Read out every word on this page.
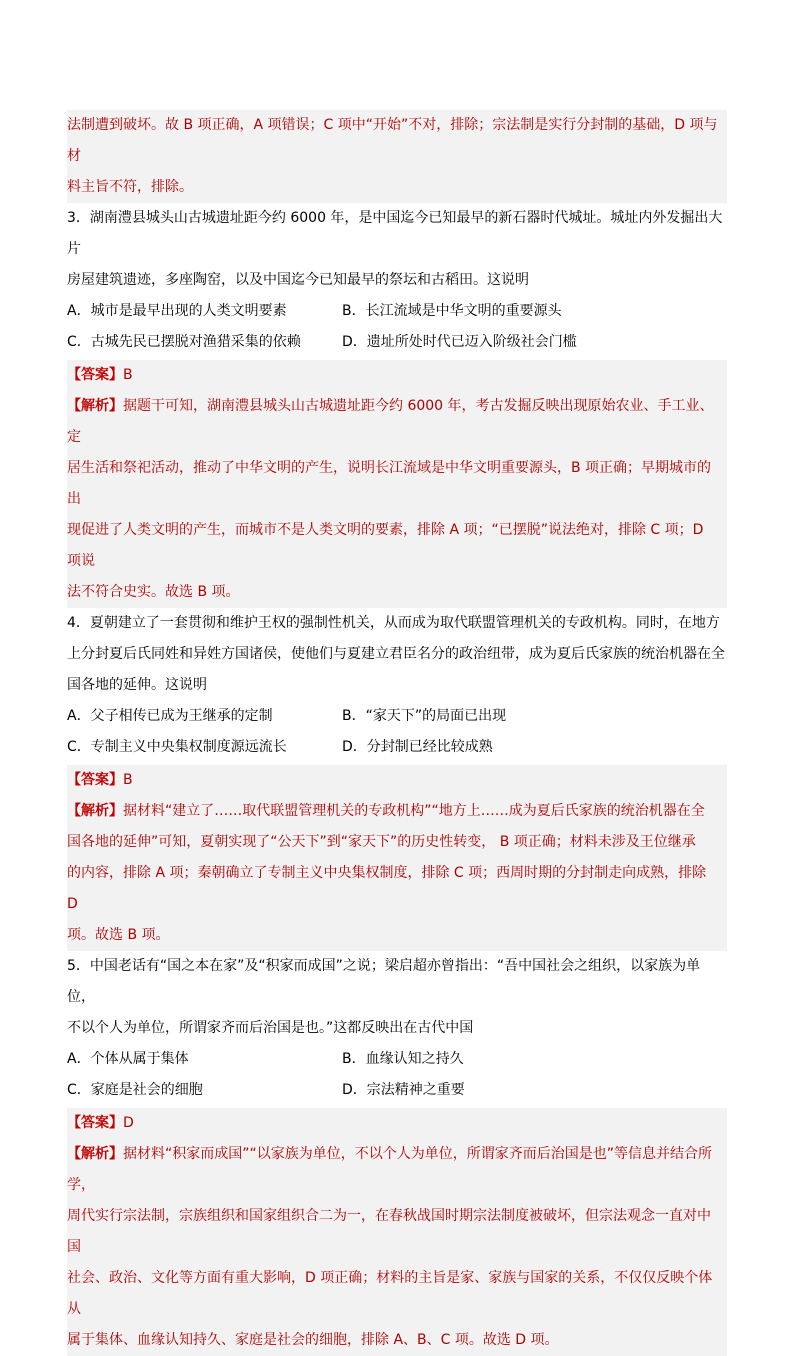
法制遭到破坏。故 B 项正确，A 项错误；C 项中“开始”不对，排除；宗法制是实行分封制的基础，D 项与材

料主旨不符，排除。

3．湖南澧县城头山古城遗址距今约 6000 年，是中国迄今已知最早的新石器时代城址。城址内外发掘出大片

房屋建筑遗迹，多座陶窑，以及中国迄今已知最早的祭坛和古稻田。这说明

A．城市是最早出现的人类文明要素	B．长江流域是中华文明的重要源头
C．古城先民已摆脱对渔猎采集的依赖	D．遗址所处时代已迈入阶级社会门槛
【答案】B

【解析】据题干可知，湖南澧县城头山古城遗址距今约 6000 年，考古发掘反映出现原始农业、手工业、定

居生活和祭祀活动，推动了中华文明的产生，说明长江流域是中华文明重要源头，B 项正确；早期城市的出

现促进了人类文明的产生，而城市不是人类文明的要素，排除 A 项；“已摆脱”说法绝对，排除 C 项；D 项说

法不符合史实。故选 B 项。

4．夏朝建立了一套贯彻和维护王权的强制性机关，从而成为取代联盟管理机关的专政机构。同时，在地方

上分封夏后氏同姓和异姓方国诸侯，使他们与夏建立君臣名分的政治纽带，成为夏后氏家族的统治机器在全

国各地的延伸。这说明

A．父子相传已成为王继承的定制	B．“家天下”的局面已出现
C．专制主义中央集权制度源远流长	D．分封制已经比较成熟
【答案】B

【解析】据材料“建立了……取代联盟管理机关的专政机构”“地方上……成为夏后氏家族的统治机器在全

国各地的延伸”可知，夏朝实现了“公天下”到“家天下”的历史性转变， B 项正确；材料未涉及王位继承

的内容，排除 A 项；秦朝确立了专制主义中央集权制度，排除 C 项；西周时期的分封制走向成熟，排除 D

项。故选 B 项。

5．中国老话有“国之本在家”及“积家而成国”之说；梁启超亦曾指出：“吾中国社会之组织，以家族为单位，

不以个人为单位，所谓家齐而后治国是也。”这都反映出在古代中国

A．个体从属于集体	B．血缘认知之持久
C．家庭是社会的细胞	D．宗法精神之重要
【答案】D

【解析】据材料“积家而成国”“以家族为单位，不以个人为单位，所谓家齐而后治国是也”等信息并结合所学，

周代实行宗法制，宗族组织和国家组织合二为一，在春秋战国时期宗法制度被破坏，但宗法观念一直对中国

社会、政治、文化等方面有重大影响，D 项正确；材料的主旨是家、家族与国家的关系，不仅仅反映个体从

属于集体、血缘认知持久、家庭是社会的细胞，排除 A、B、C 项。故选 D 项。
